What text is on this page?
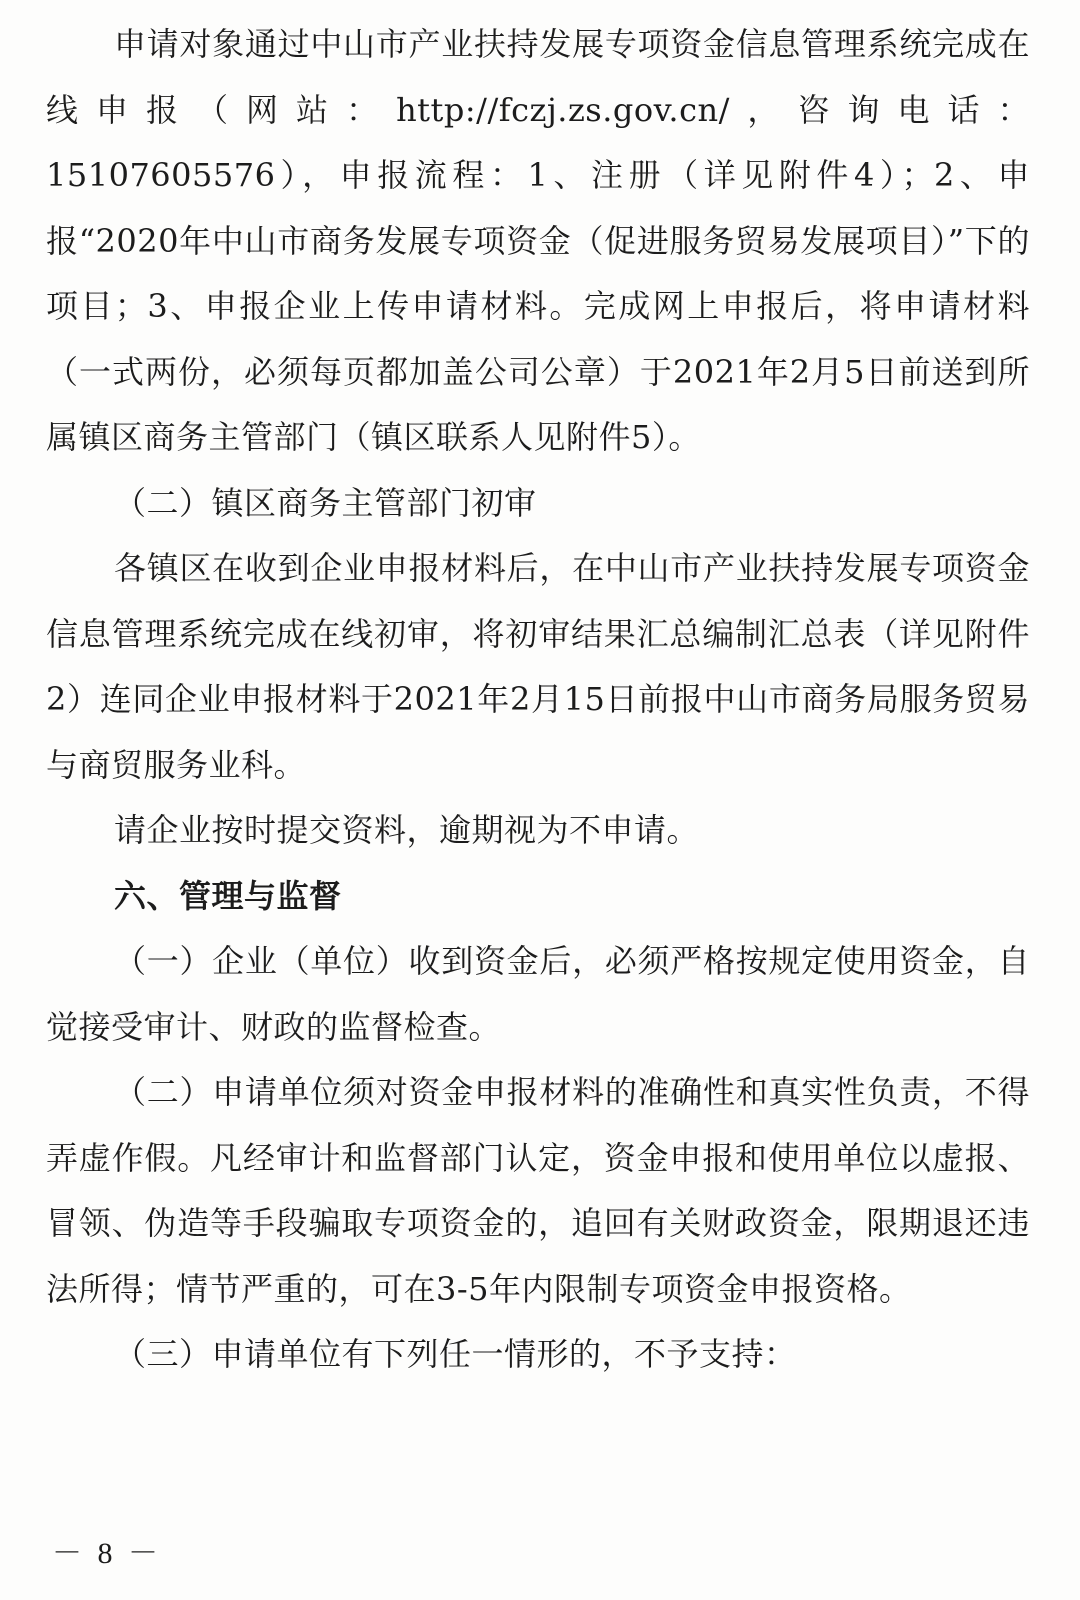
申请对象通过中山市产业扶持发展专项资金信息管理系统完成在线申报（网站：http://fczj.zs.gov.cn/，咨询电话：15107605576），申报流程：1、注册（详见附件4）；2、申报“2020年中山市商务发展专项资金（促进服务贸易发展项目）”下的项目；3、申报企业上传申请材料。完成网上申报后，将申请材料（一式两份，必须每页都加盖公司公章）于2021年2月5日前送到所属镇区商务主管部门（镇区联系人见附件5）。

（二）镇区商务主管部门初审

各镇区在收到企业申报材料后，在中山市产业扶持发展专项资金信息管理系统完成在线初审，将初审结果汇总编制汇总表（详见附件2）连同企业申报材料于2021年2月15日前报中山市商务局服务贸易与商贸服务业科。

请企业按时提交资料，逾期视为不申请。

六、管理与监督

（一）企业（单位）收到资金后，必须严格按规定使用资金，自觉接受审计、财政的监督检查。

（二）申请单位须对资金申报材料的准确性和真实性负责，不得弄虚作假。凡经审计和监督部门认定，资金申报和使用单位以虚报、冒领、伪造等手段骗取专项资金的，追回有关财政资金，限期退还违法所得；情节严重的，可在3-5年内限制专项资金申报资格。

（三）申请单位有下列任一情形的，不予支持：

－ 8 －
